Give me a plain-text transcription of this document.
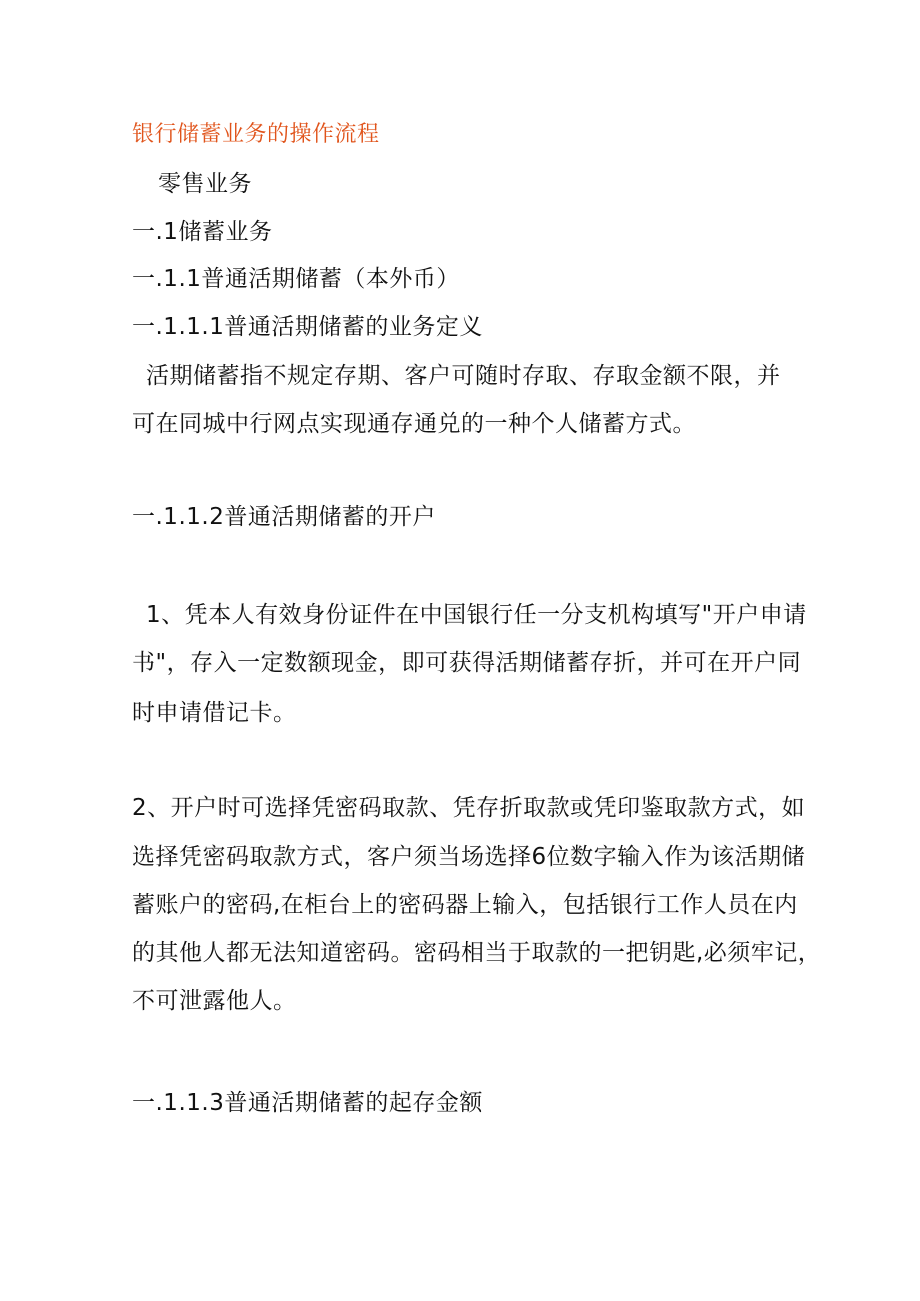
银行储蓄业务的操作流程
零售业务
一.1储蓄业务
一.1.1普通活期储蓄（本外币）
一.1.1.1普通活期储蓄的业务定义
活期储蓄指不规定存期、客户可随时存取、存取金额不限，并
可在同城中行网点实现通存通兑的一种个人储蓄方式。
一.1.1.2普通活期储蓄的开户
1、凭本人有效身份证件在中国银行任一分支机构填写"开户申请
书"，存入一定数额现金，即可获得活期储蓄存折，并可在开户同
时申请借记卡。
2、开户时可选择凭密码取款、凭存折取款或凭印鉴取款方式，如
选择凭密码取款方式，客户须当场选择6位数字输入作为该活期储
蓄账户的密码,在柜台上的密码器上输入，包括银行工作人员在内
的其他人都无法知道密码。密码相当于取款的一把钥匙,必须牢记，
不可泄露他人。
一.1.1.3普通活期储蓄的起存金额
